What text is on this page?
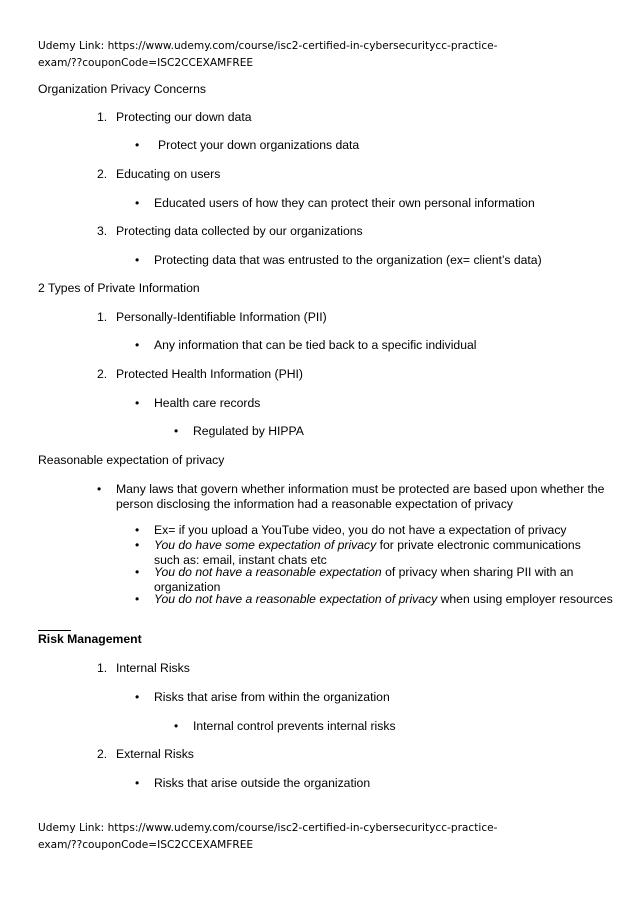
Udemy Link: https://www.udemy.com/course/isc2-certified-in-cybersecuritycc-practice-
exam/??couponCode=ISC2CCEXAMFREE
Organization Privacy Concerns
1. Protecting our down data
•
Protect your down organizations data
2. Educating on users
•
Educated users of how they can protect their own personal information
3. Protecting data collected by our organizations
•
Protecting data that was entrusted to the organization (ex= client’s data)
2 Types of Private Information
1. Personally-Identifiable Information (PII)
•
Any information that can be tied back to a specific individual
2. Protected Health Information (PHI)
•
Health care records
•
Regulated by HIPPA
Reasonable expectation of privacy
•
Many laws that govern whether information must be protected are based upon whether the person disclosing the information had a reasonable expectation of privacy
•
Ex= if you upload a YouTube video, you do not have a expectation of privacy
•
You do have some expectation of privacy for private electronic communications such as: email, instant chats etc
•
You do not have a reasonable expectation of privacy when sharing PII with an organization
•
You do not have a reasonable expectation of privacy when using employer resources
Risk Management
1. Internal Risks
•
Risks that arise from within the organization
•
Internal control prevents internal risks
2. External Risks
•
Risks that arise outside the organization
Udemy Link: https://www.udemy.com/course/isc2-certified-in-cybersecuritycc-practice-
exam/??couponCode=ISC2CCEXAMFREE
